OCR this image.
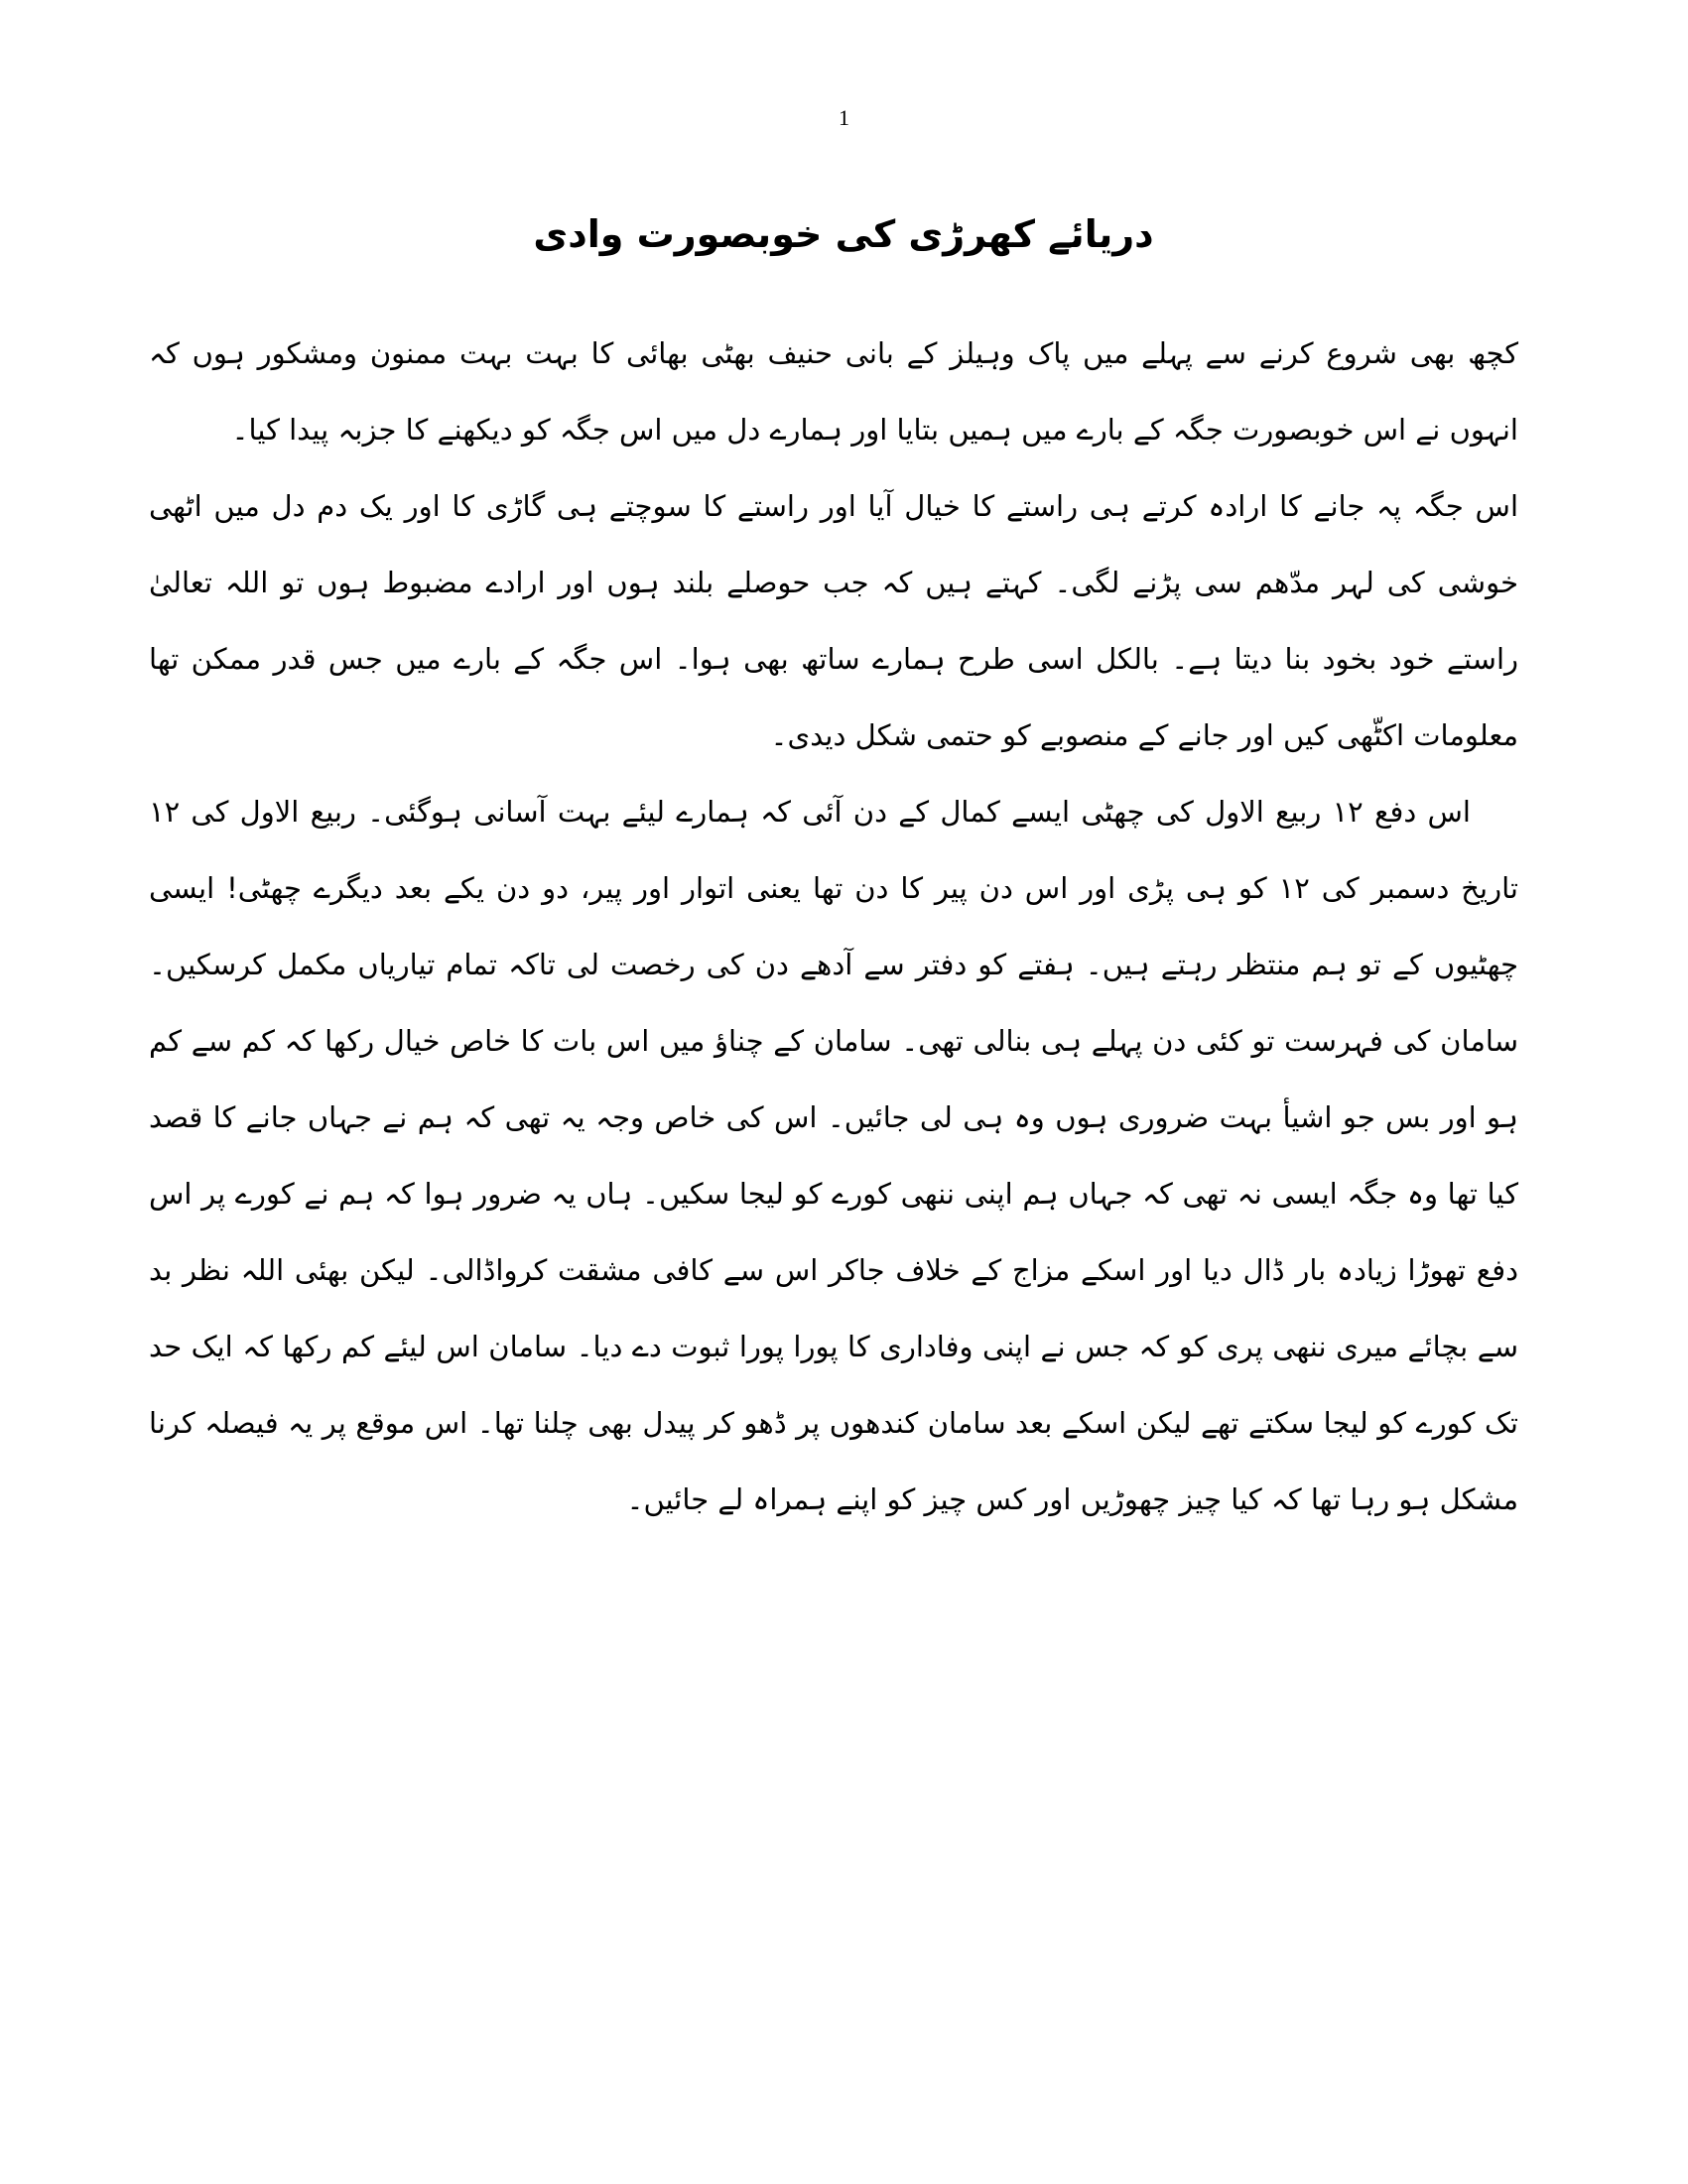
1
دریائے کھرڑی کی خوبصورت وادی

کچھ بھی شروع کرنے سے پہلے میں پاک وہیلز کے بانی حنیف بھٹی بھائی کا بہت بہت ممنون ومشکور ہوں کہ انہوں نے اس خوبصورت جگہ کے بارے میں ہمیں بتایا اور ہمارے دل میں اس جگہ کو دیکھنے کا جزبہ پیدا کیا۔

اس جگہ پہ جانے کا ارادہ کرتے ہی راستے کا خیال آیا اور راستے کا سوچتے ہی گاڑی کا اور یک دم دل میں اٹھی خوشی کی لہر مدّھم سی پڑنے لگی۔ کہتے ہیں کہ جب حوصلے بلند ہوں اور ارادے مضبوط ہوں تو اللہ تعالیٰ راستے خود بخود بنا دیتا ہے۔ بالکل اسی طرح ہمارے ساتھ بھی ہوا۔ اس جگہ کے بارے میں جس قدر ممکن تھا معلومات اکٹّھی کیں اور جانے کے منصوبے کو حتمی شکل دیدی۔

اس دفع ۱۲ ربیع الاول کی چھٹی ایسے کمال کے دن آئی کہ ہمارے لیئے بہت آسانی ہوگئی۔ ربیع الاول کی ۱۲ تاریخ دسمبر کی ۱۲ کو ہی پڑی اور اس دن پیر کا دن تھا یعنی اتوار اور پیر، دو دن یکے بعد دیگرے چھٹی! ایسی چھٹیوں کے تو ہم منتظر رہتے ہیں۔ ہفتے کو دفتر سے آدھے دن کی رخصت لی تاکہ تمام تیاریاں مکمل کرسکیں۔ سامان کی فہرست تو کئی دن پہلے ہی بنالی تھی۔ سامان کے چناؤ میں اس بات کا خاص خیال رکھا کہ کم سے کم ہو اور بس جو اشیأ بہت ضروری ہوں وہ ہی لی جائیں۔ اس کی خاص وجہ یہ تھی کہ ہم نے جہاں جانے کا قصد کیا تھا وہ جگہ ایسی نہ تھی کہ جہاں ہم اپنی ننھی کورے کو لیجا سکیں۔ ہاں یہ ضرور ہوا کہ ہم نے کورے پر اس دفع تھوڑا زیادہ بار ڈال دیا اور اسکے مزاج کے خلاف جاکر اس سے کافی مشقت کرواڈالی۔ لیکن بھئی اللہ نظر بد سے بچائے میری ننھی پری کو کہ جس نے اپنی وفاداری کا پورا پورا ثبوت دے دیا۔ سامان اس لیئے کم رکھا کہ ایک حد تک کورے کو لیجا سکتے تھے لیکن اسکے بعد سامان کندھوں پر ڈھو کر پیدل بھی چلنا تھا۔ اس موقع پر یہ فیصلہ کرنا مشکل ہو رہا تھا کہ کیا چیز چھوڑیں اور کس چیز کو اپنے ہمراہ لے جائیں۔
